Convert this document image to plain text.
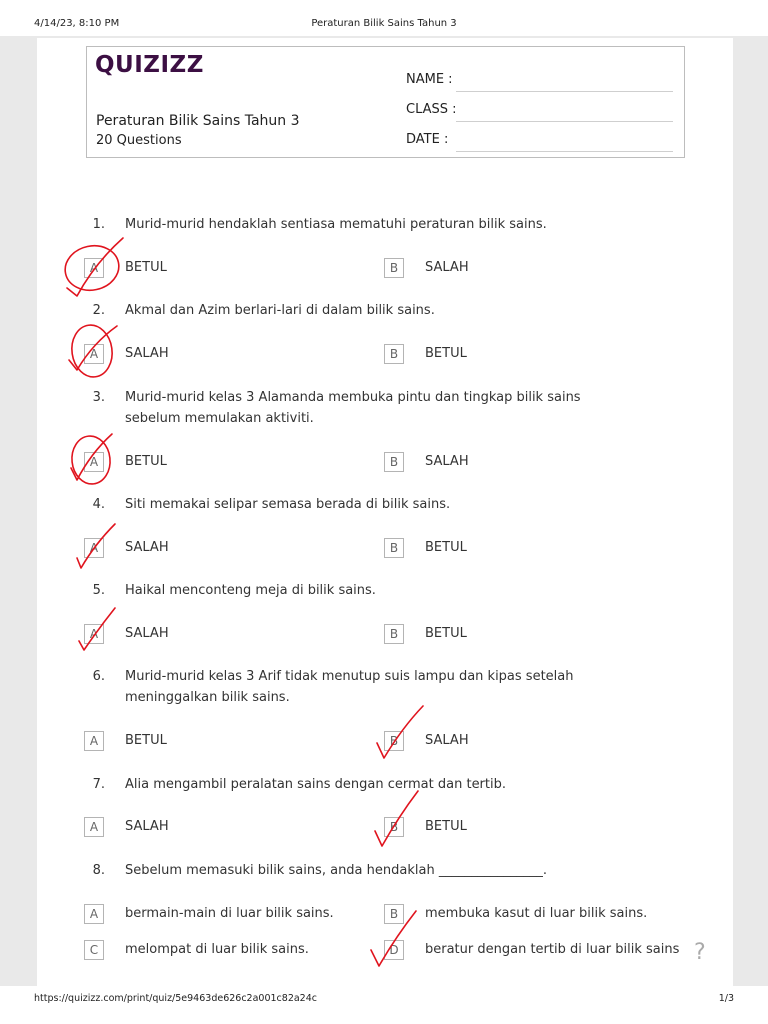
4/14/23, 8:10 PM	Peraturan Bilik Sains Tahun 3
QUIZIZZ
Peraturan Bilik Sains Tahun 3
20 Questions
NAME :
CLASS :
DATE :
1. Murid-murid hendaklah sentiasa mematuhi peraturan bilik sains.
A	BETUL	B	SALAH
2. Akmal dan Azim berlari-lari di dalam bilik sains.
A	SALAH	B	BETUL
3. Murid-murid kelas 3 Alamanda membuka pintu dan tingkap bilik sains sebelum memulakan aktiviti.
A	BETUL	B	SALAH
4. Siti memakai selipar semasa berada di bilik sains.
A	SALAH	B	BETUL
5. Haikal menconteng meja di bilik sains.
A	SALAH	B	BETUL
6. Murid-murid kelas 3 Arif tidak menutup suis lampu dan kipas setelah meninggalkan bilik sains.
A	BETUL	B	SALAH
7. Alia mengambil peralatan sains dengan cermat dan tertib.
A	SALAH	B	BETUL
8. Sebelum memasuki bilik sains, anda hendaklah ________________.
A	bermain-main di luar bilik sains.	B	membuka kasut di luar bilik sains.
C	melompat di luar bilik sains.	D	beratur dengan tertib di luar bilik sains ?
https://quizizz.com/print/quiz/5e9463de626c2a001c82a24c	1/3
